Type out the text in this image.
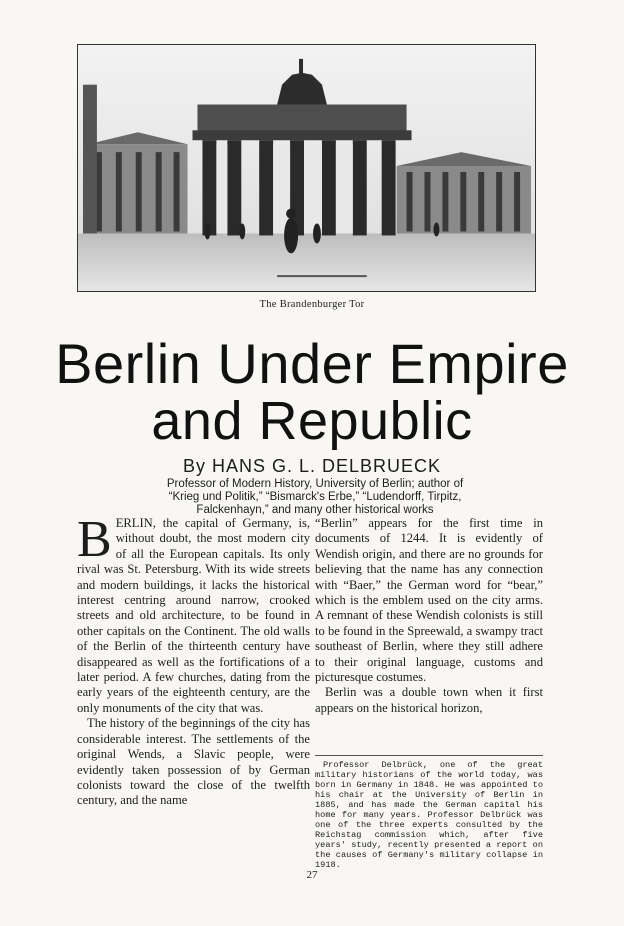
The Brandenburger Tor
Berlin Under Empire
and Republic
By HANS G. L. DELBRUECK
Professor of Modern History, University of Berlin; author of “Krieg und Politik,” “Bismarck's Erbe,” “Ludendorff, Tirpitz, Falckenhayn,” and many other historical works

BERLIN, the capital of Germany, is, without doubt, the most modern city of all the European capitals. Its only rival was St. Petersburg. With its wide streets and modern buildings, it lacks the historical interest centring around narrow, crooked streets and old architecture, to be found in other capitals on the Continent. The old walls of the Berlin of the thirteenth century have disappeared as well as the fortifications of a later period. A few churches, dating from the early years of the eighteenth century, are the only monuments of the city that was.

The history of the beginnings of the city has considerable interest. The settlements of the original Wends, a Slavic people, were evidently taken possession of by German colonists toward the close of the twelfth century, and the name

“Berlin” appears for the first time in documents of 1244. It is evidently of Wendish origin, and there are no grounds for believing that the name has any connection with “Baer,” the German word for “bear,” which is the emblem used on the city arms. A remnant of these Wendish colonists is still to be found in the Spreewald, a swampy tract southeast of Berlin, where they still adhere to their original language, customs and picturesque costumes.

Berlin was a double town when it first appears on the historical horizon,

Professor Delbrück, one of the great military historians of the world today, was born in Germany in 1848. He was appointed to his chair at the University of Berlin in 1885, and has made the German capital his home for many years. Professor Delbrück was one of the three experts consulted by the Reichstag commission which, after five years' study, recently presented a report on the causes of Germany's military collapse in 1918.

27
